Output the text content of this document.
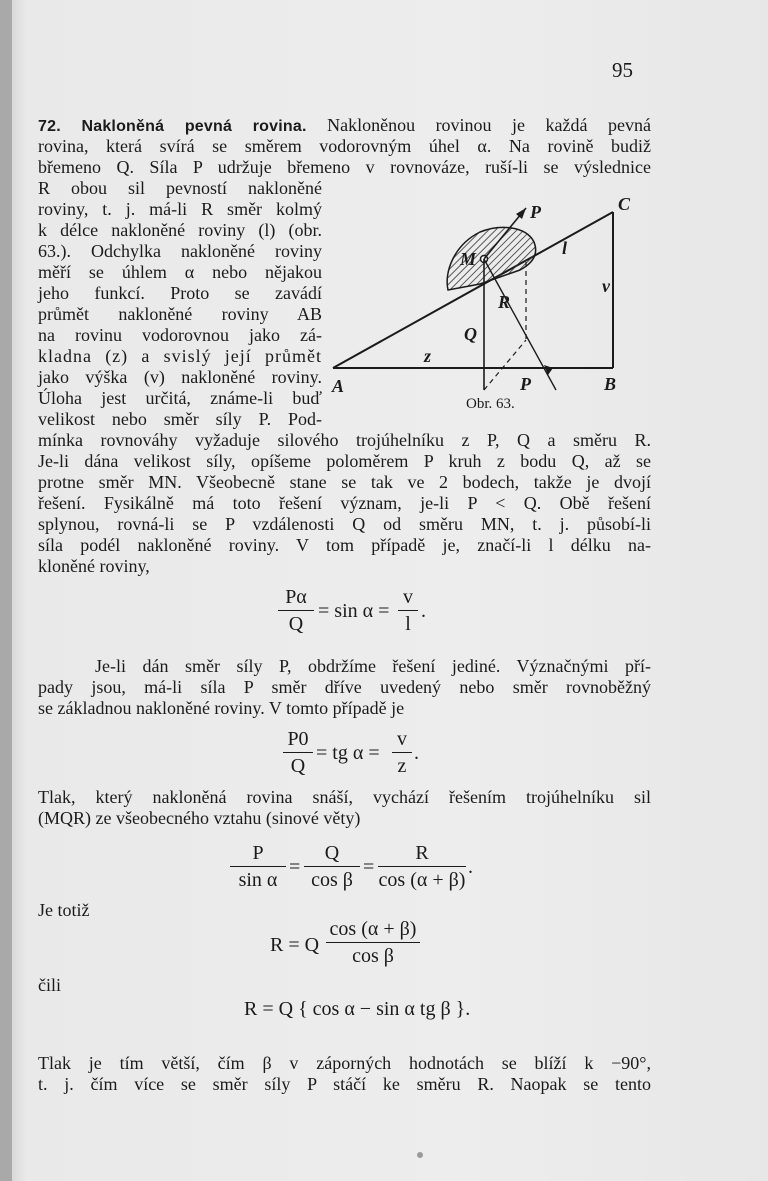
95
72. Nakloněná pevná rovina. Nakloněnou rovinou je každá pevná
rovina, která svírá se směrem vodorovným úhel α. Na rovině budiž
břemeno Q. Síla P udržuje břemeno v rovnováze, ruší-li se výslednice
R obou sil pevností nakloněné
roviny, t. j. má-li R směr kolmý
k délce nakloněné roviny (l) (obr.
63.). Odchylka nakloněné roviny
měří se úhlem α nebo nějakou
jeho funkcí. Proto se zavádí
průmět nakloněné roviny AB
na rovinu vodorovnou jako zá-
kladna (z) a svislý její průmět
jako výška (v) nakloněné roviny.
Úloha jest určitá, známe-li buď
velikost nebo směr síly P. Pod-
M
P
l
C
v
R
Q
z
A	P	B
Obr. 63.
mínka rovnováhy vyžaduje silového trojúhelníku z P, Q a směru R.
Je-li dána velikost síly, opíšeme poloměrem P kruh z bodu Q, až se
protne směr MN. Všeobecně stane se tak ve 2 bodech, takže je dvojí
řešení. Fysikálně má toto řešení význam, je-li P < Q. Obě řešení
splynou, rovná-li se P vzdálenosti Q od směru MN, t. j. působí-li
síla podél nakloněné roviny. V tom případě je, značí-li l délku na-
kloněné roviny,
Pα
Q
= sin α =
v
l
.
Je-li dán směr síly P, obdržíme řešení jediné. Význačnými pří-
pady jsou, má-li síla P směr dříve uvedený nebo směr rovnoběžný
se základnou nakloněné roviny. V tomto případě je
P0
Q
= tg α =
v
z
.
Tlak, který nakloněná rovina snáší, vychází řešením trojúhelníku sil
(MQR) ze všeobecného vztahu (sinové věty)
P
sin α
=
Q
cos β
=
R
cos (α + β)
.
Je totiž
R = Q
cos (α + β)
cos β
čili
R = Q { cos α − sin α tg β }.
Tlak je tím větší, čím β v záporných hodnotách se blíží k −90°,
t. j. čím více se směr síly P stáčí ke směru R. Naopak se tento
